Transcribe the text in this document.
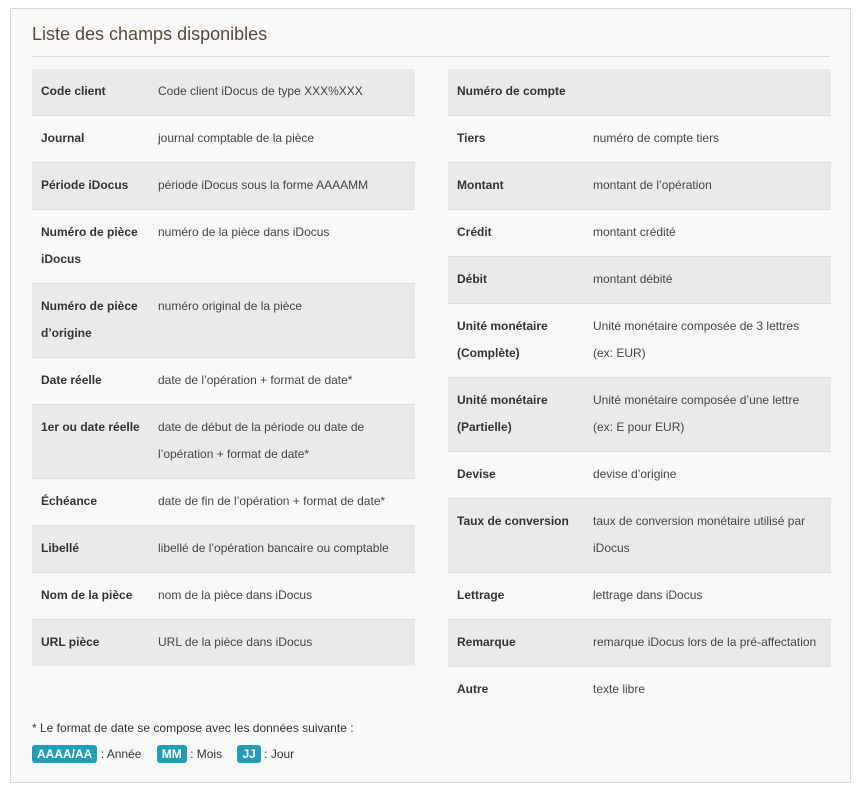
Liste des champs disponibles
Code client	Code client iDocus de type XXX%XXX
Journal	journal comptable de la pièce
Période iDocus	période iDocus sous la forme AAAAMM
Numéro de pièce iDocus	numéro de la pièce dans iDocus
Numéro de pièce d’origine	numéro original de la pièce
Date réelle	date de l’opération + format de date*
1er ou date réelle	date de début de la période ou date de l’opération + format de date*
Échéance	date de fin de l’opération + format de date*
Libellé	libellé de l’opération bancaire ou comptable
Nom de la pièce	nom de la pièce dans iDocus
URL pièce	URL de la pièce dans iDocus
Numéro de compte	
Tiers	numéro de compte tiers
Montant	montant de l’opération
Crédit	montant crédité
Débit	montant débité
Unité monétaire (Complète)	Unité monétaire composée de 3 lettres (ex: EUR)
Unité monétaire (Partielle)	Unité monétaire composée d’une lettre (ex: E pour EUR)
Devise	devise d’origine
Taux de conversion	taux de conversion monétaire utilisé par iDocus
Lettrage	lettrage dans iDocus
Remarque	remarque iDocus lors de la pré-affectation
Autre	texte libre
* Le format de date se compose avec les données suivante :
AAAA/AA : Année MM : Mois JJ : Jour
